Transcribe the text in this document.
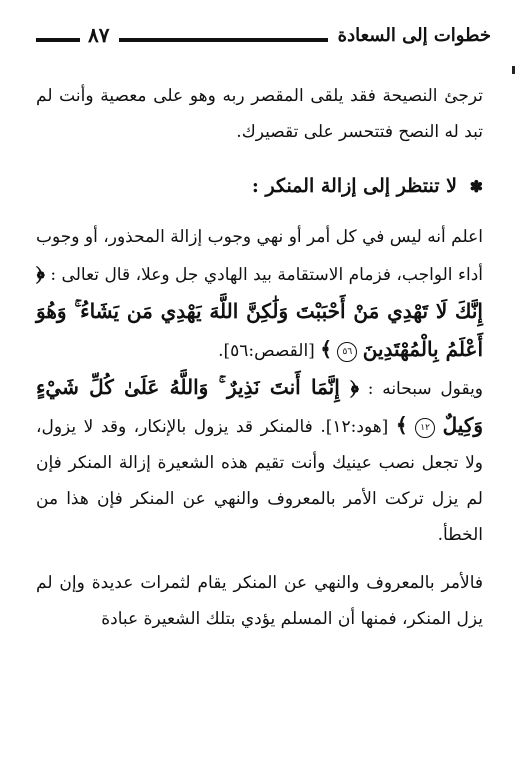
خطوات إلى السعادة
٨٧

ترجئ النصيحة فقد يلقى المقصر ربه وهو على معصية وأنت لم تبد له النصح فتتحسر على تقصيرك.

✽ لا تنتظر إلى إزالة المنكر :

اعلم أنه ليس في كل أمر أو نهي وجوب إزالة المحذور، أو وجوب أداء الواجب، فزمام الاستقامة بيد الهادي جل وعلا، قال تعالى : ﴿ إِنَّكَ لَا تَهْدِي مَنْ أَحْبَبْتَ وَلَٰكِنَّ اللَّهَ يَهْدِي مَن يَشَاءُ ۚ وَهُوَ أَعْلَمُ بِالْمُهْتَدِينَ ٥٦ ﴾ [القصص:٥٦].

ويقول سبحانه : ﴿ إِنَّمَا أَنتَ نَذِيرٌ ۚ وَاللَّهُ عَلَىٰ كُلِّ شَيْءٍ وَكِيلٌ ١٢ ﴾ [هود:١٢]. فالمنكر قد يزول بالإنكار، وقد لا يزول، ولا تجعل نصب عينيك وأنت تقيم هذه الشعيرة إزالة المنكر فإن لم يزل تركت الأمر بالمعروف والنهي عن المنكر فإن هذا من الخطأ.

فالأمر بالمعروف والنهي عن المنكر يقام لثمرات عديدة وإن لم يزل المنكر، فمنها أن المسلم يؤدي بتلك الشعيرة عبادة
